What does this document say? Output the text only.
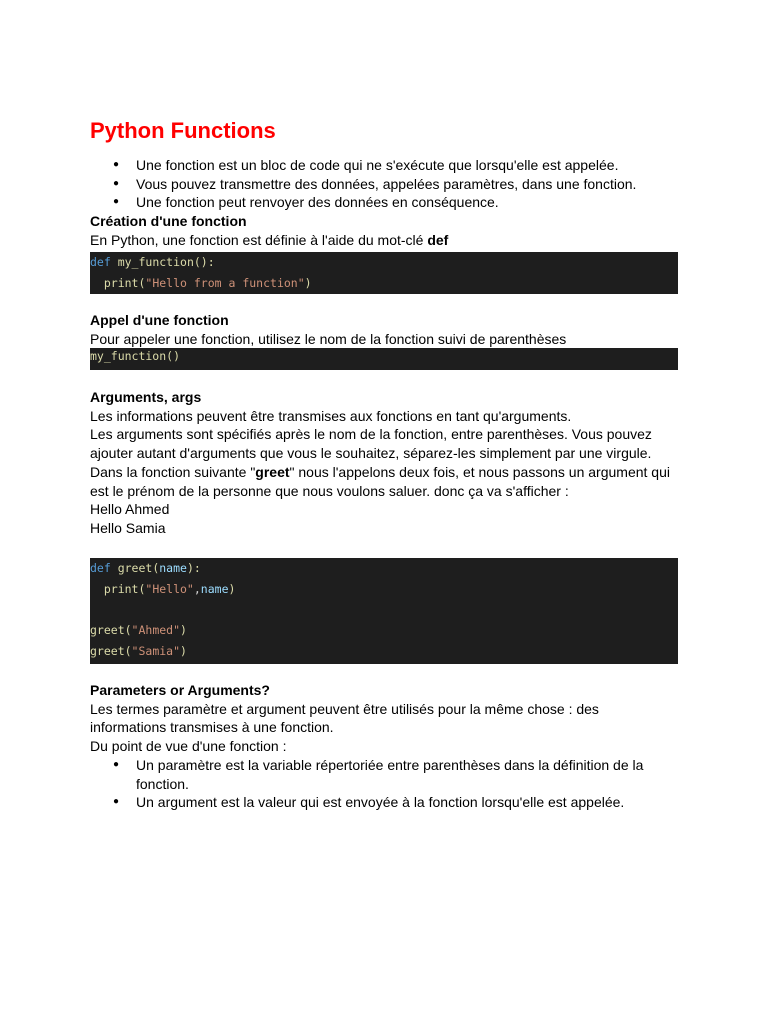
Python Functions
● Une fonction est un bloc de code qui ne s'exécute que lorsqu'elle est appelée.
● Vous pouvez transmettre des données, appelées paramètres, dans une fonction.
● Une fonction peut renvoyer des données en conséquence.
Création d'une fonction
En Python, une fonction est définie à l'aide du mot-clé def
def my_function():
print("Hello from a function")
Appel d'une fonction
Pour appeler une fonction, utilisez le nom de la fonction suivi de parenthèses
my_function()
Arguments, args
Les informations peuvent être transmises aux fonctions en tant qu'arguments.
Les arguments sont spécifiés après le nom de la fonction, entre parenthèses. Vous pouvez ajouter autant d'arguments que vous le souhaitez, séparez-les simplement par une virgule.
Dans la fonction suivante "greet" nous l'appelons deux fois, et nous passons un argument qui est le prénom de la personne que nous voulons saluer. donc ça va s'afficher :
Hello Ahmed
Hello Samia
def greet(name):
print("Hello",name)
greet("Ahmed")
greet("Samia")
Parameters or Arguments?
Les termes paramètre et argument peuvent être utilisés pour la même chose : des informations transmises à une fonction.
Du point de vue d'une fonction :
● Un paramètre est la variable répertoriée entre parenthèses dans la définition de la fonction.
● Un argument est la valeur qui est envoyée à la fonction lorsqu'elle est appelée.
